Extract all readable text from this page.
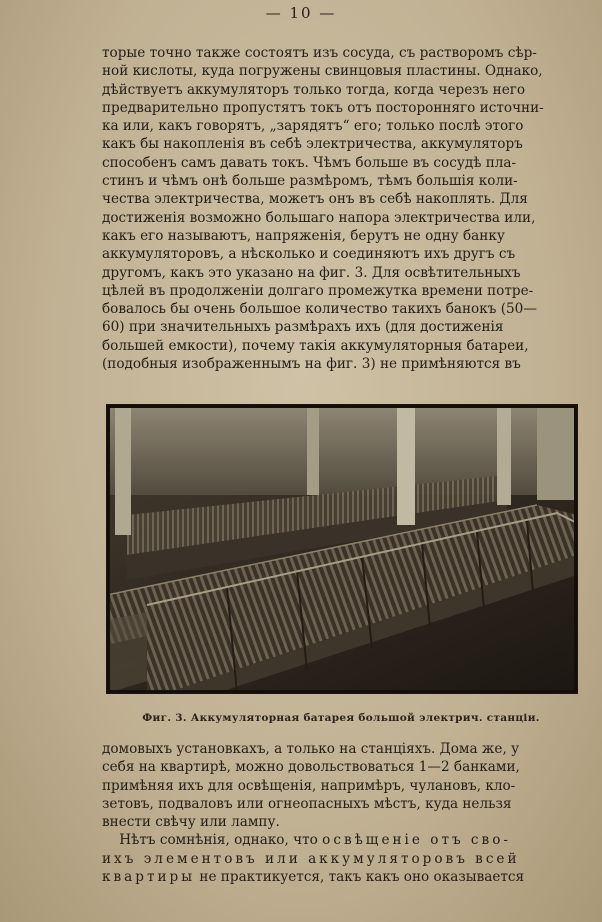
— 10 —

торые точно также состоятъ изъ сосуда, съ растворомъ сѣр-
ной кислоты, куда погружены свинцовыя пластины. Однако,
дѣйствуетъ аккумуляторъ только тогда, когда черезъ него
предварительно пропустятъ токъ отъ посторонняго источни-
ка или, какъ говорятъ, „зарядятъ“ его; только послѣ этого
какъ бы накопленія въ себѣ электричества, аккумуляторъ
способенъ самъ давать токъ. Чѣмъ больше въ сосудѣ пла-
стинъ и чѣмъ онѣ больше размѣромъ, тѣмъ большія коли-
чества электричества, можетъ онъ въ себѣ накоплять. Для
достиженія возможно большаго напора электричества или,
какъ его называютъ, напряженія, берутъ не одну банку
аккумуляторовъ, а нѣсколько и соединяютъ ихъ другъ съ
другомъ, какъ это указано на фиг. 3. Для освѣтительныхъ
цѣлей въ продолженіи долгаго промежутка времени потре-
бовалось бы очень большое количество такихъ банокъ (50—
60) при значительныхъ размѣрахъ ихъ (для достиженія
большей емкости), почему такія аккумуляторныя батареи,
(подобныя изображеннымъ на фиг. 3) не примѣняются въ

Фиг. 3. Аккумуляторная батарея большой электрич. станціи.

домовыхъ установкахъ, а только на станціяхъ. Дома же, у
себя на квартирѣ, можно довольствоваться 1—2 банками,
примѣняя ихъ для освѣщенія, напримѣръ, чулановъ, кло-
зетовъ, подваловъ или огнеопасныхъ мѣстъ, куда нельзя
внести свѣчу или лампу.
Нѣтъ сомнѣнія, однако, что освѣщеніе отъ сво-
ихъ элементовъ или аккумуляторовъ всей
квартиры не практикуется, такъ какъ оно оказывается
